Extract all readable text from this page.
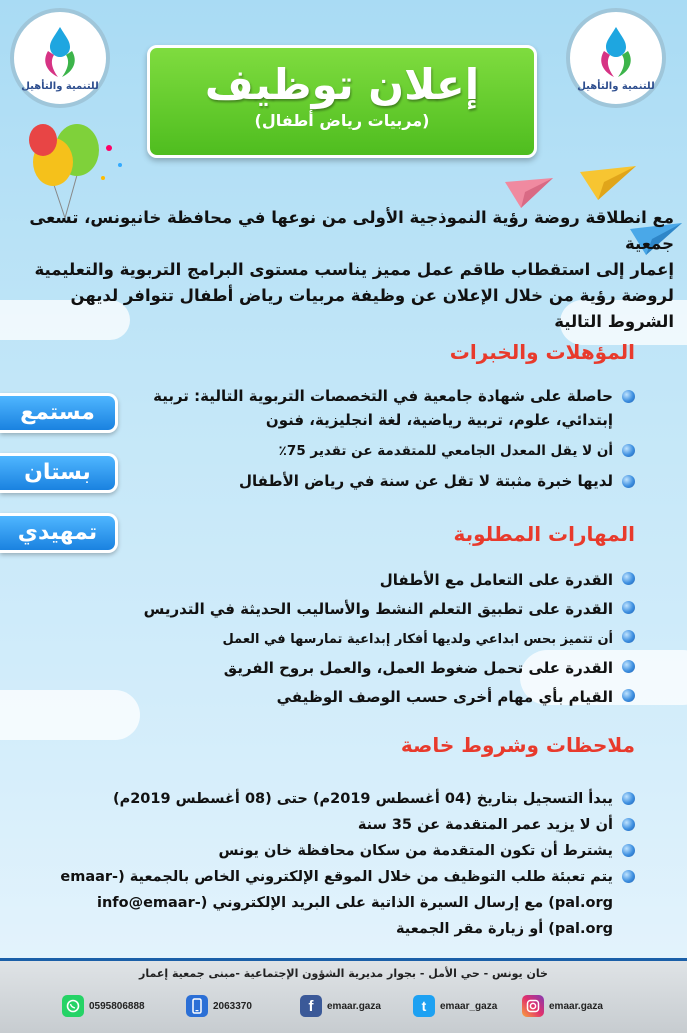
للتنمية والتأهيل	للتنمية والتأهيل
إعلان توظيف
(مربيات رياض أطفال)
مع انطلاقة روضة رؤية النموذجية الأولى من نوعها في محافظة خانيونس، تسعى جمعية
إعمار إلى استقطاب طاقم عمل مميز يناسب مستوى البرامج التربوية والتعليمية
لروضة رؤية من خلال الإعلان عن وظيفة مربيات رياض أطفال تتوافر لديهن الشروط التالية
مستمع
بستان
تمهيدي
المؤهلات والخبرات
حاصلة على شهادة جامعية في التخصصات التربوية التالية: تربية إبتدائي، علوم، تربية رياضية، لغة انجليزية، فنون
أن لا يقل المعدل الجامعي للمتقدمة عن تقدير 75٪
لديها خبرة مثبتة لا تقل عن سنة في رياض الأطفال
المهارات المطلوبة
القدرة على التعامل مع الأطفال
القدرة على تطبيق التعلم النشط والأساليب الحديثة في التدريس
أن تتميز بحس ابداعي ولديها أفكار إبداعية تمارسها في العمل
القدرة على تحمل ضغوط العمل، والعمل بروح الفريق
القيام بأي مهام أخرى حسب الوصف الوظيفي
ملاحظات وشروط خاصة
يبدأ التسجيل بتاريخ (04 أغسطس 2019م) حتى (08 أغسطس 2019م)
أن لا يزيد عمر المتقدمة عن 35 سنة
يشترط أن تكون المتقدمة من سكان محافظة خان يونس
يتم تعبئة طلب التوظيف من خلال الموقع الإلكتروني الخاص بالجمعية (emaar-pal.org) مع إرسال السيرة الذاتية على البريد الإلكتروني (info@emaar-pal.org) أو زيارة مقر الجمعية
خان يونس - حي الأمل - بجوار مديرية الشؤون الإجتماعية -مبنى جمعية إعمار
0595806888	2063370	f	emaar.gaza	t	emaar_gaza	emaar.gaza
